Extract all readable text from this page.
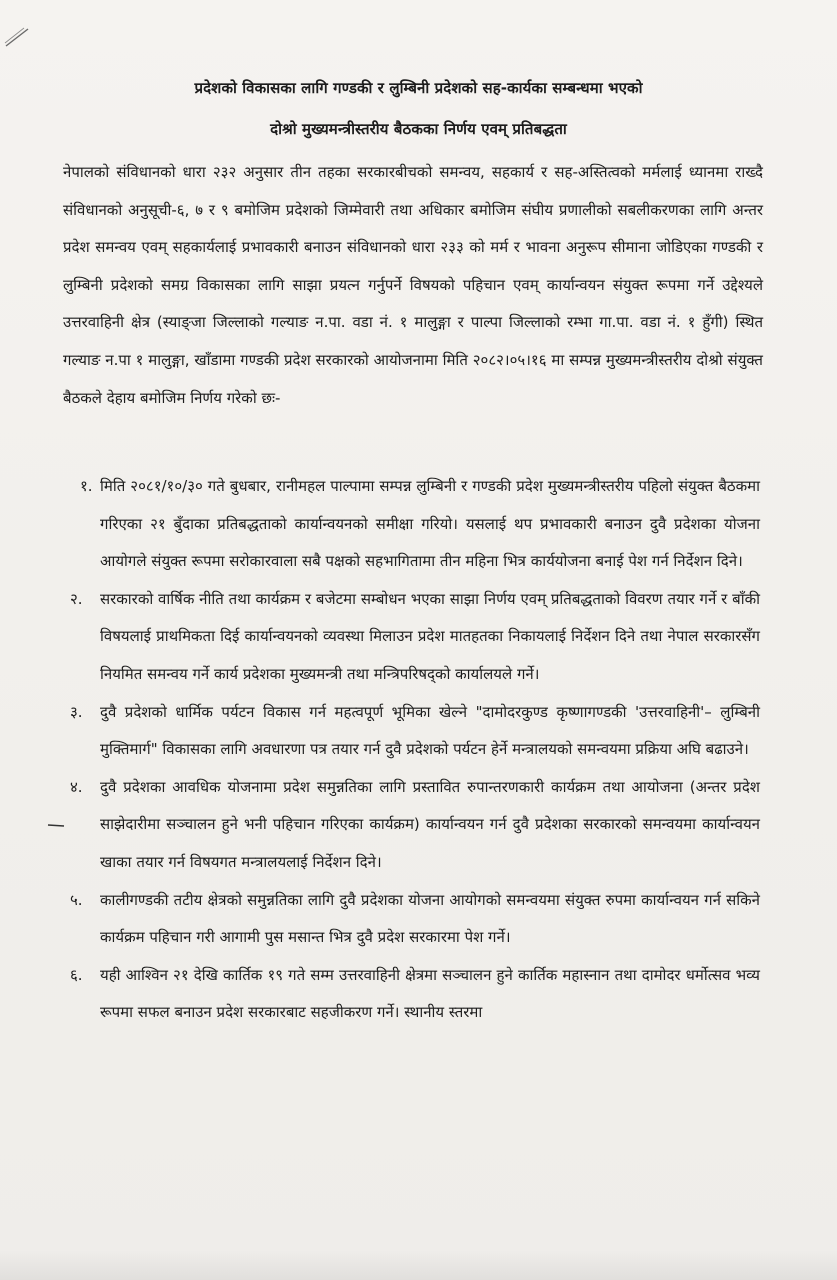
प्रदेशको विकासका लागि गण्डकी र लुम्बिनी प्रदेशको सह-कार्यका सम्बन्धमा भएको
दोश्रो मुख्यमन्त्रीस्तरीय बैठकका निर्णय एवम् प्रतिबद्धता
नेपालको संविधानको धारा २३२ अनुसार तीन तहका सरकारबीचको समन्वय, सहकार्य र सह-अस्तित्वको मर्मलाई ध्यानमा राख्दै संविधानको अनुसूची-६, ७ र ९ बमोजिम प्रदेशको जिम्मेवारी तथा अधिकार बमोजिम संघीय प्रणालीको सबलीकरणका लागि अन्तर प्रदेश समन्वय एवम् सहकार्यलाई प्रभावकारी बनाउन संविधानको धारा २३३ को मर्म र भावना अनुरूप सीमाना जोडिएका गण्डकी र लुम्बिनी प्रदेशको समग्र विकासका लागि साझा प्रयत्न गर्नुपर्ने विषयको पहिचान एवम् कार्यान्वयन संयुक्त रूपमा गर्ने उद्देश्यले उत्तरवाहिनी क्षेत्र (स्याङ्जा जिल्लाको गल्याङ न.पा. वडा नं. १ मालुङ्गा र पाल्पा जिल्लाको रम्भा गा.पा. वडा नं. १ हुँगी) स्थित गल्याङ न.पा १ मालुङ्गा, खाँडामा गण्डकी प्रदेश सरकारको आयोजनामा मिति २०८२।०५।१६ मा सम्पन्न मुख्यमन्त्रीस्तरीय दोश्रो संयुक्त बैठकले देहाय बमोजिम निर्णय गरेको छः-
१. मिति २०८१/१०/३० गते बुधबार, रानीमहल पाल्पामा सम्पन्न लुम्बिनी र गण्डकी प्रदेश मुख्यमन्त्रीस्तरीय पहिलो संयुक्त बैठकमा गरिएका २१ बुँदाका प्रतिबद्धताको कार्यान्वयनको समीक्षा गरियो। यसलाई थप प्रभावकारी बनाउन दुवै प्रदेशका योजना आयोगले संयुक्त रूपमा सरोकारवाला सबै पक्षको सहभागितामा तीन महिना भित्र कार्ययोजना बनाई पेश गर्न निर्देशन दिने।
२.	सरकारको वार्षिक नीति तथा कार्यक्रम र बजेटमा सम्बोधन भएका साझा निर्णय एवम् प्रतिबद्धताको विवरण तयार गर्ने र बाँकी विषयलाई प्राथमिकता दिई कार्यान्वयनको व्यवस्था मिलाउन प्रदेश मातहतका निकायलाई निर्देशन दिने तथा नेपाल सरकारसँग नियमित समन्वय गर्ने कार्य प्रदेशका मुख्यमन्त्री तथा मन्त्रिपरिषद्को कार्यालयले गर्ने।
३.	दुवै प्रदेशको धार्मिक पर्यटन विकास गर्न महत्वपूर्ण भूमिका खेल्ने "दामोदरकुण्ड कृष्णागण्डकी 'उत्तरवाहिनी'– लुम्बिनी मुक्तिमार्ग" विकासका लागि अवधारणा पत्र तयार गर्न दुवै प्रदेशको पर्यटन हेर्ने मन्त्रालयको समन्वयमा प्रक्रिया अघि बढाउने।
४.	दुवै प्रदेशका आवधिक योजनामा प्रदेश समुन्नतिका लागि प्रस्तावित रुपान्तरणकारी कार्यक्रम तथा आयोजना (अन्तर प्रदेश साझेदारीमा सञ्चालन हुने भनी पहिचान गरिएका कार्यक्रम) कार्यान्वयन गर्न दुवै प्रदेशका सरकारको समन्वयमा कार्यान्वयन खाका तयार गर्न विषयगत मन्त्रालयलाई निर्देशन दिने।
५.	कालीगण्डकी तटीय क्षेत्रको समुन्नतिका लागि दुवै प्रदेशका योजना आयोगको समन्वयमा संयुक्त रुपमा कार्यान्वयन गर्न सकिने कार्यक्रम पहिचान गरी आगामी पुस मसान्त भित्र दुवै प्रदेश सरकारमा पेश गर्ने।
६.	यही आश्विन २१ देखि कार्तिक १९ गते सम्म उत्तरवाहिनी क्षेत्रमा सञ्चालन हुने कार्तिक महास्नान तथा दामोदर धर्मोत्सव भव्य रूपमा सफल बनाउन प्रदेश सरकारबाट सहजीकरण गर्ने। स्थानीय स्तरमा
